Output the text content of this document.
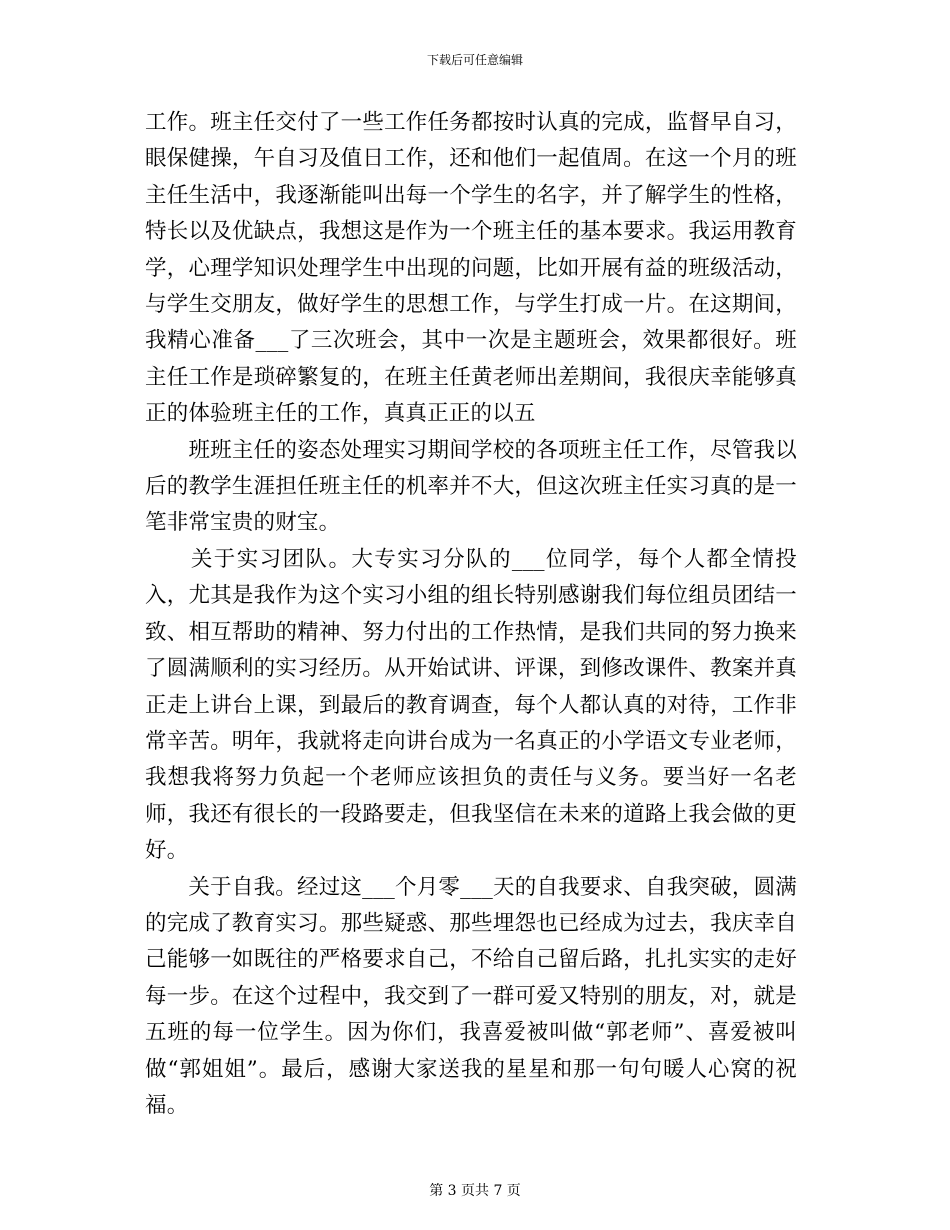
下载后可任意编辑

工作。班主任交付了一些工作任务都按时认真的完成，监督早自习，眼保健操，午自习及值日工作，还和他们一起值周。在这一个月的班主任生活中，我逐渐能叫出每一个学生的名字，并了解学生的性格，特长以及优缺点，我想这是作为一个班主任的基本要求。我运用教育学，心理学知识处理学生中出现的问题，比如开展有益的班级活动，与学生交朋友，做好学生的思想工作，与学生打成一片。在这期间，我精心准备___了三次班会，其中一次是主题班会，效果都很好。班主任工作是琐碎繁复的，在班主任黄老师出差期间，我很庆幸能够真正的体验班主任的工作，真真正正的以五

　　班班主任的姿态处理实习期间学校的各项班主任工作，尽管我以后的教学生涯担任班主任的机率并不大，但这次班主任实习真的是一笔非常宝贵的财宝。

　　关于实习团队。大专实习分队的___位同学，每个人都全情投入，尤其是我作为这个实习小组的组长特别感谢我们每位组员团结一致、相互帮助的精神、努力付出的工作热情，是我们共同的努力换来了圆满顺利的实习经历。从开始试讲、评课，到修改课件、教案并真正走上讲台上课，到最后的教育调查，每个人都认真的对待，工作非常辛苦。明年，我就将走向讲台成为一名真正的小学语文专业老师，我想我将努力负起一个老师应该担负的责任与义务。要当好一名老师，我还有很长的一段路要走，但我坚信在未来的道路上我会做的更好。

　　关于自我。经过这___个月零___天的自我要求、自我突破，圆满的完成了教育实习。那些疑惑、那些埋怨也已经成为过去，我庆幸自己能够一如既往的严格要求自己，不给自己留后路，扎扎实实的走好每一步。在这个过程中，我交到了一群可爱又特别的朋友，对，就是五班的每一位学生。因为你们，我喜爱被叫做“郭老师”、喜爱被叫做“郭姐姐”。最后，感谢大家送我的星星和那一句句暖人心窝的祝福。

第 3 页共 7 页
